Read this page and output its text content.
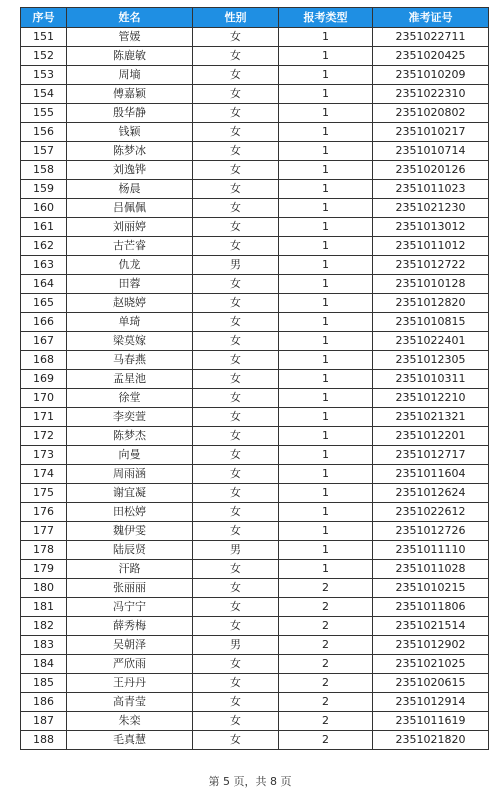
序号	姓名	性别	报考类型	准考证号
151	管媛	女	1	2351022711
152	陈鹿敏	女	1	2351020425
153	周墒	女	1	2351010209
154	傅嘉颖	女	1	2351022310
155	殷华静	女	1	2351020802
156	钱颖	女	1	2351010217
157	陈梦冰	女	1	2351010714
158	刘逸铧	女	1	2351020126
159	杨晨	女	1	2351011023
160	吕佩佩	女	1	2351021230
161	刘丽婷	女	1	2351013012
162	古芒睿	女	1	2351011012
163	仇龙	男	1	2351012722
164	田蓉	女	1	2351010128
165	赵晓婷	女	1	2351012820
166	单琦	女	1	2351010815
167	梁莫嫁	女	1	2351022401
168	马春燕	女	1	2351012305
169	孟星池	女	1	2351010311
170	徐堂	女	1	2351012210
171	李奕萱	女	1	2351021321
172	陈梦杰	女	1	2351012201
173	向曼	女	1	2351012717
174	周雨涵	女	1	2351011604
175	谢宜凝	女	1	2351012624
176	田松婷	女	1	2351022612
177	魏伊雯	女	1	2351012726
178	陆辰贤	男	1	2351011110
179	汗路	女	1	2351011028
180	张丽丽	女	2	2351010215
181	冯宁宁	女	2	2351011806
182	薛秀梅	女	2	2351021514
183	吴朝泽	男	2	2351012902
184	严欣雨	女	2	2351021025
185	王丹丹	女	2	2351020615
186	高青莹	女	2	2351012914
187	朱栾	女	2	2351011619
188	毛真慧	女	2	2351021820
第 5 页，共 8 页
